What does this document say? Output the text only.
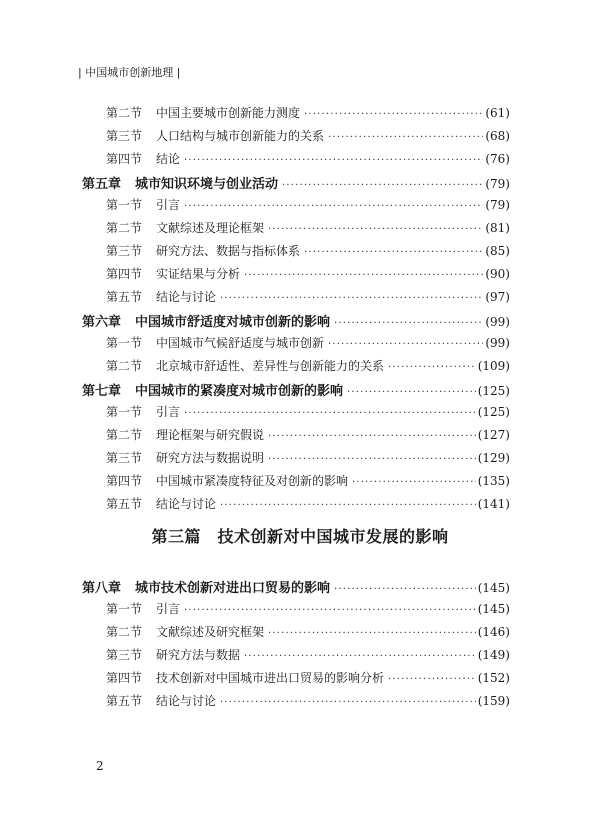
| 中国城市创新地理 |
第二节 中国主要城市创新能力测度 ·····	(61)
第三节 人口结构与城市创新能力的关系 ·····	(68)
第四节 结论 ·····	(76)
第五章 城市知识环境与创业活动 ·····	(79)
第一节 引言 ·····	(79)
第二节 文献综述及理论框架 ·····	(81)
第三节 研究方法、数据与指标体系 ·····	(85)
第四节 实证结果与分析 ·····	(90)
第五节 结论与讨论 ·····	(97)
第六章 中国城市舒适度对城市创新的影响 ·····	(99)
第一节 中国城市气候舒适度与城市创新 ·····	(99)
第二节 北京城市舒适性、差异性与创新能力的关系 ·····	(109)
第七章 中国城市的紧凑度对城市创新的影响 ·····	(125)
第一节 引言 ·····	(125)
第二节 理论框架与研究假说 ·····	(127)
第三节 研究方法与数据说明 ·····	(129)
第四节 中国城市紧凑度特征及对创新的影响 ·····	(135)
第五节 结论与讨论 ·····	(141)
第八章 城市技术创新对进出口贸易的影响 ·····	(145)
第一节 引言 ·····	(145)
第二节 文献综述及研究框架 ·····	(146)
第三节 研究方法与数据 ·····	(149)
第四节 技术创新对中国城市进出口贸易的影响分析 ·····	(152)
第五节 结论与讨论 ·····	(159)
第三篇　技术创新对中国城市发展的影响
2
